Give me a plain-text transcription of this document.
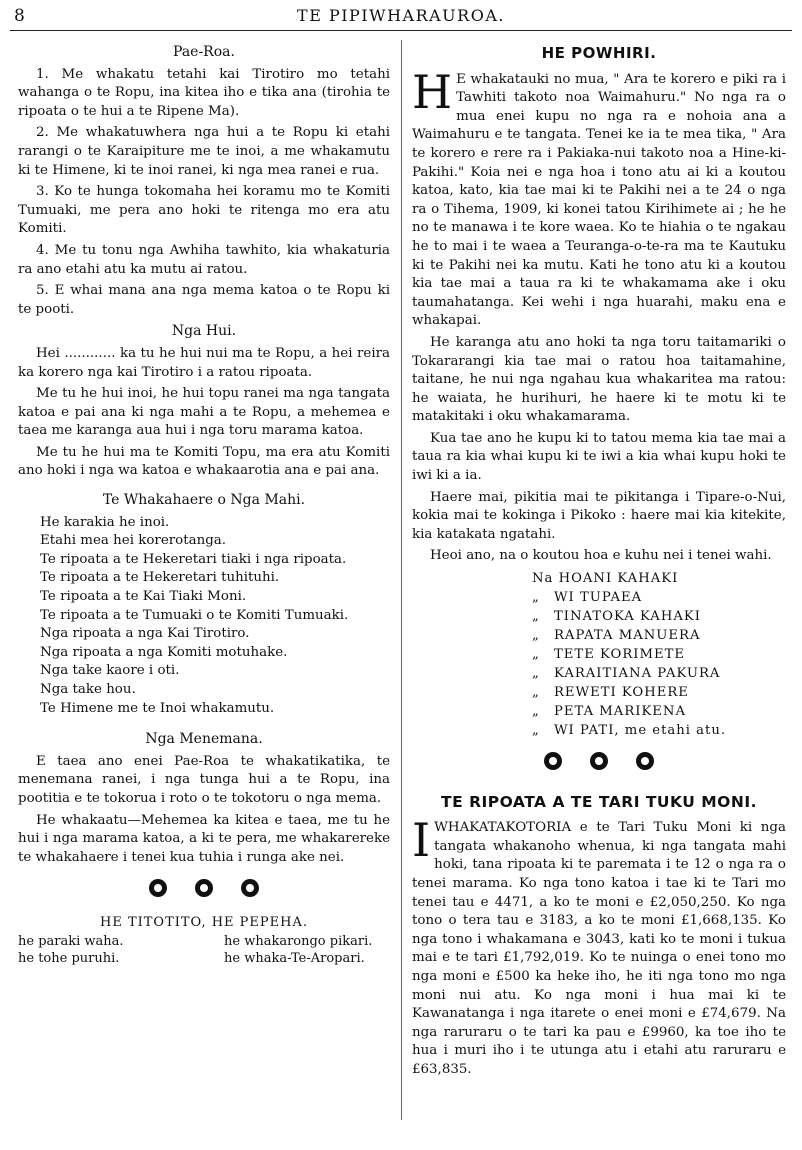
8	TE PIPIWHARAUROA.

Pae-Roa.

1. Me whakatu tetahi kai Tirotiro mo tetahi wahanga o te Ropu, ina kitea iho e tika ana (tirohia te ripoata o te hui a te Ripene Ma).

2. Me whakatuwhera nga hui a te Ropu ki etahi rarangi o te Karaipiture me te inoi, a me whakamutu ki te Himene, ki te inoi ranei, ki nga mea ranei e rua.

3. Ko te hunga tokomaha hei koramu mo te Komiti Tumuaki, me pera ano hoki te ritenga mo era atu Komiti.

4. Me tu tonu nga Awhiha tawhito, kia whakaturia ra ano etahi atu ka mutu ai ratou.

5. E whai mana ana nga mema katoa o te Ropu ki te pooti.

Nga Hui.

Hei ............ ka tu he hui nui ma te Ropu, a hei reira ka korero nga kai Tirotiro i a ratou ripoata.

Me tu he hui inoi, he hui topu ranei ma nga tangata katoa e pai ana ki nga mahi a te Ropu, a mehemea e taea me karanga aua hui i nga toru marama katoa.

Me tu he hui ma te Komiti Topu, ma era atu Komiti ano hoki i nga wa katoa e whakaarotia ana e pai ana.

Te Whakahaere o Nga Mahi.

He karakia he inoi.

Etahi mea hei korerotanga.

Te ripoata a te Hekeretari tiaki i nga ripoata.

Te ripoata a te Hekeretari tuhituhi.

Te ripoata a te Kai Tiaki Moni.

Te ripoata a te Tumuaki o te Komiti Tumuaki.

Nga ripoata a nga Kai Tirotiro.

Nga ripoata a nga Komiti motuhake.

Nga take kaore i oti.

Nga take hou.

Te Himene me te Inoi whakamutu.

Nga Menemana.

E taea ano enei Pae-Roa te whakatikatika, te menemana ranei, i nga tunga hui a te Ropu, ina pootitia e te tokorua i roto o te tokotoru o nga mema.

He whakaatu—Mehemea ka kitea e taea, me tu he hui i nga marama katoa, a ki te pera, me whakarereke te whakahaere i tenei kua tuhia i runga ake nei.

HE TITOTITO, HE PEPEHA.

he paraki waha.

he tohe puruhi.

he whakarongo pikari.

he whaka-Te-Aropari.

HE POWHIRI.

H E whakatauki no mua, " Ara te korero e piki ra i Tawhiti takoto noa Waimahuru." No nga ra o mua enei kupu no nga ra e nohoia ana a Waimahuru e te tangata. Tenei ke ia te mea tika, " Ara te korero e rere ra i Pakiaka-nui takoto noa a Hine-ki-Pakihi." Koia nei e nga hoa i tono atu ai ki a koutou katoa, kato, kia tae mai ki te Pakihi nei a te 24 o nga ra o Tihema, 1909, ki konei tatou Kirihimete ai ; he he no te manawa i te kore waea. Ko te hiahia o te ngakau he to mai i te waea a Teuranga-o-te-ra ma te Kautuku ki te Pakihi nei ka mutu. Kati he tono atu ki a koutou kia tae mai a taua ra ki te whakamama ake i oku taumahatanga. Kei wehi i nga huarahi, maku ena e whakapai.

He karanga atu ano hoki ta nga toru taitamariki o Tokararangi kia tae mai o ratou hoa taitamahine, taitane, he nui nga ngahau kua whakaritea ma ratou: he waiata, he hurihuri, he haere ki te motu ki te matakitaki i oku whakamarama.

Kua tae ano he kupu ki to tatou mema kia tae mai a taua ra kia whai kupu ki te iwi a kia whai kupu hoki te iwi ki a ia.

Haere mai, pikitia mai te pikitanga i Tipare-o-Nui, kokia mai te kokinga i Pikoko : haere mai kia kitekite, kia katakata ngatahi.

Heoi ano, na o koutou hoa e kuhu nei i tenei wahi.

Na HOANI KAHAKI

„ WI TUPAEA

„ TINATOKA KAHAKI

„ RAPATA MANUERA

„ TETE KORIMETE

„ KARAITIANA PAKURA

„ REWETI KOHERE

„ PETA MARIKENA

„ WI PATI, me etahi atu.

TE RIPOATA A TE TARI TUKU MONI.

IWHAKATAKOTORIA e te Tari Tuku Moni ki nga tangata whakanoho whenua, ki nga tangata mahi hoki, tana ripoata ki te paremata i te 12 o nga ra o tenei marama. Ko nga tono katoa i tae ki te Tari mo tenei tau e 4471, a ko te moni e £2,050,250. Ko nga tono o tera tau e 3183, a ko te moni £1,668,135. Ko nga tono i whakamana e 3043, kati ko te moni i tukua mai e te tari £1,792,019. Ko te nuinga o enei tono mo nga moni e £500 ka heke iho, he iti nga tono mo nga moni nui atu. Ko nga moni i hua mai ki te Kawanatanga i nga itarete o enei moni e £74,679. Na nga raruraru o te tari ka pau e £9960, ka toe iho te hua i muri iho i te utunga atu i etahi atu raruraru e £63,835.
